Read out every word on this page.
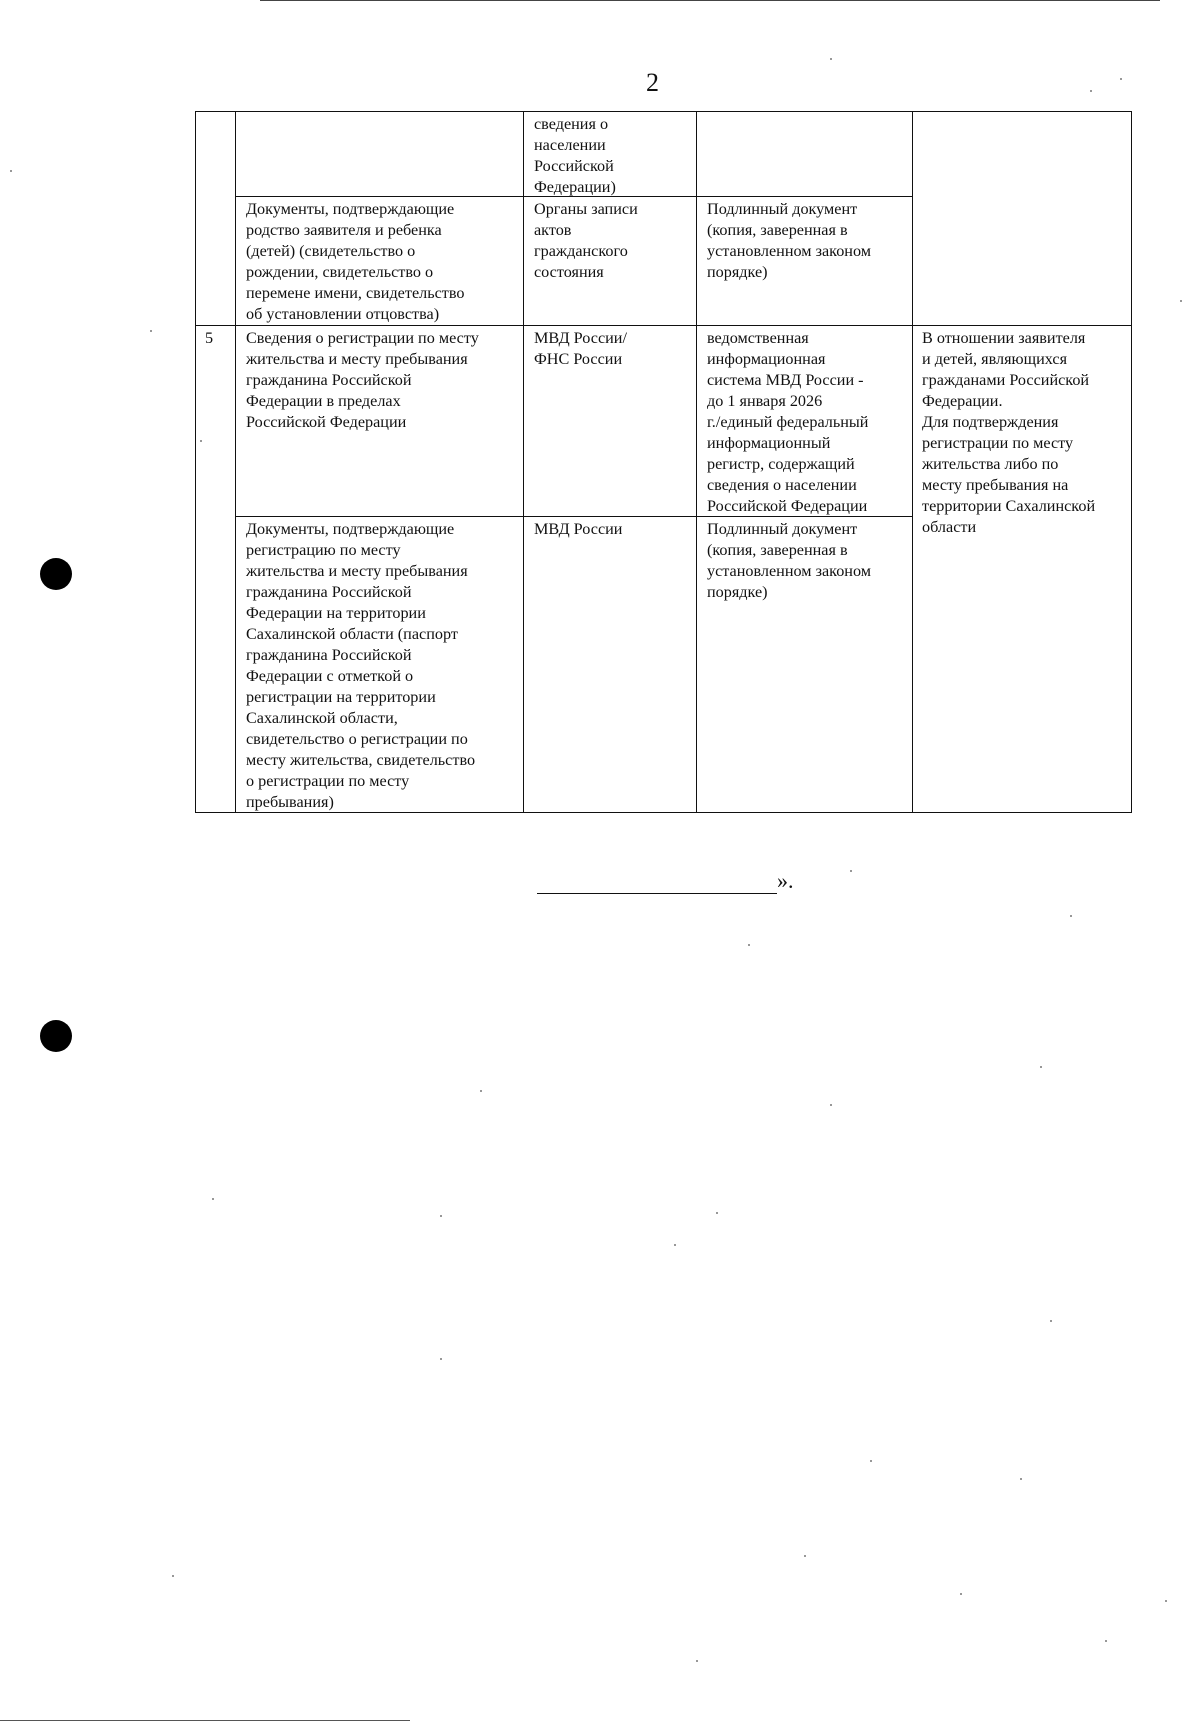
2
сведения о
населении
Российской
Федерации)
Документы, подтверждающие
родство заявителя и ребенка
(детей) (свидетельство о
рождении, свидетельство о
перемене имени, свидетельство
об установлении отцовства)
Органы записи
актов
гражданского
состояния
Подлинный документ
(копия, заверенная в
установленном законом
порядке)
5	Сведения о регистрации по месту
жительства и месту пребывания
гражданина Российской
Федерации в пределах
Российской Федерации
МВД России/
ФНС России
ведомственная
информационная
система МВД России -
до 1 января 2026
г./единый федеральный
информационный
регистр, содержащий
сведения о населении
Российской Федерации
В отношении заявителя
и детей, являющихся
гражданами Российской
Федерации.
Для подтверждения
регистрации по месту
жительства либо по
месту пребывания на
территории Сахалинской
области
Документы, подтверждающие
регистрацию по месту
жительства и месту пребывания
гражданина Российской
Федерации на территории
Сахалинской области (паспорт
гражданина Российской
Федерации с отметкой о
регистрации на территории
Сахалинской области,
свидетельство о регистрации по
месту жительства, свидетельство
о регистрации по месту
пребывания)
МВД России	Подлинный документ
(копия, заверенная в
установленном законом
порядке)
».
